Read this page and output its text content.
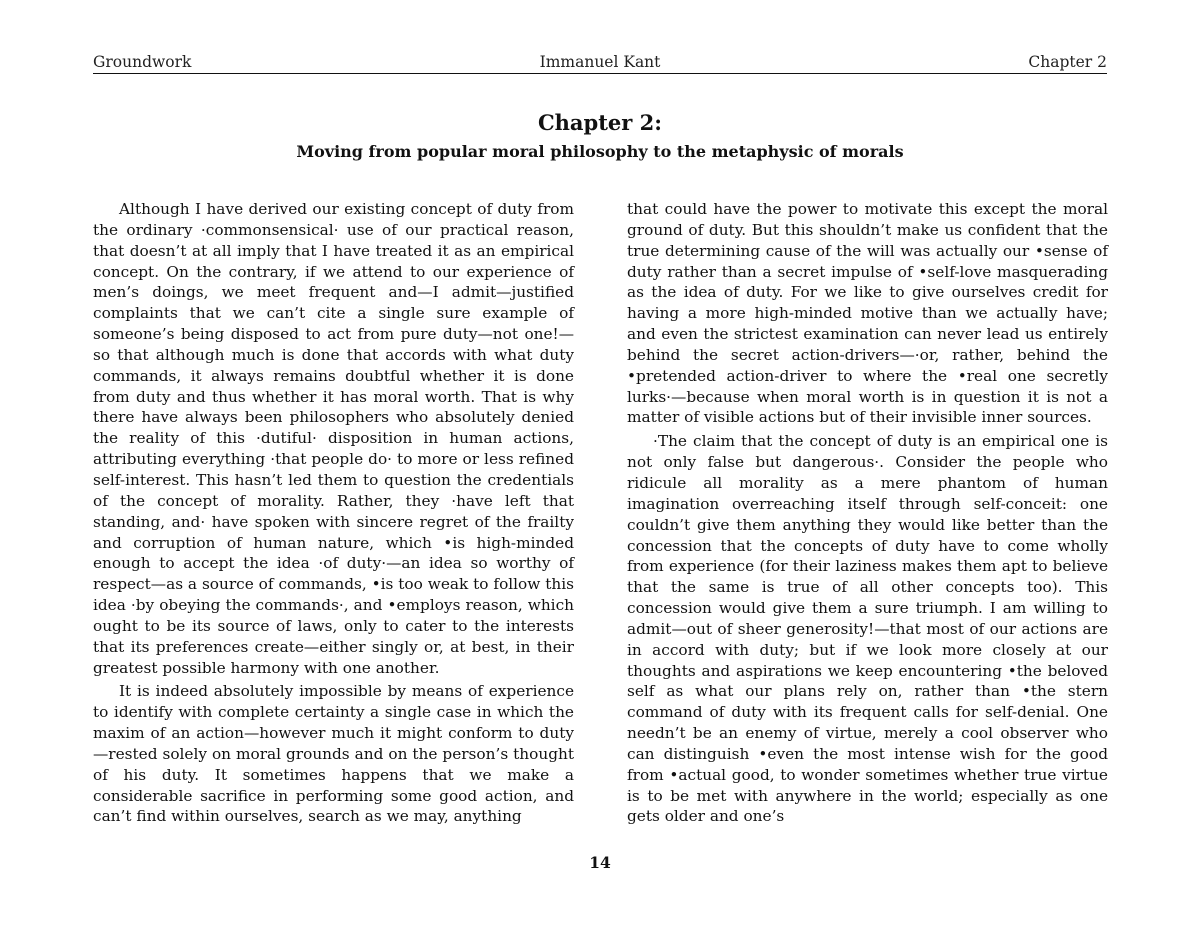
Groundwork	Immanuel Kant	Chapter 2
Chapter 2:
Moving from popular moral philosophy to the metaphysic of morals

Although I have derived our existing concept of duty from the ordinary ·commonsensical· use of our practical reason, that doesn’t at all imply that I have treated it as an empirical concept. On the contrary, if we attend to our experience of men’s doings, we meet frequent and—I admit—justified complaints that we can’t cite a single sure example of someone’s being disposed to act from pure duty—not one!— so that although much is done that accords with what duty commands, it always remains doubtful whether it is done from duty and thus whether it has moral worth. That is why there have always been philosophers who absolutely denied the reality of this ·dutiful· disposition in human actions, attributing everything ·that people do· to more or less refined self-interest. This hasn’t led them to question the credentials of the concept of morality. Rather, they ·have left that standing, and· have spoken with sincere regret of the frailty and corruption of human nature, which •is high-minded enough to accept the idea ·of duty·—an idea so worthy of respect—as a source of commands, •is too weak to follow this idea ·by obeying the commands·, and •employs reason, which ought to be its source of laws, only to cater to the interests that its preferences create—either singly or, at best, in their greatest possible harmony with one another.

It is indeed absolutely impossible by means of experience to identify with complete certainty a single case in which the maxim of an action—however much it might conform to duty—rested solely on moral grounds and on the person’s thought of his duty. It sometimes happens that we make a considerable sacrifice in performing some good action, and can’t find within ourselves, search as we may, anything

that could have the power to motivate this except the moral ground of duty. But this shouldn’t make us confident that the true determining cause of the will was actually our •sense of duty rather than a secret impulse of •self-love masquerading as the idea of duty. For we like to give ourselves credit for having a more high-minded motive than we actually have; and even the strictest examination can never lead us entirely behind the secret action-drivers—·or, rather, behind the •pretended action-driver to where the •real one secretly lurks·—because when moral worth is in question it is not a matter of visible actions but of their invisible inner sources.

·The claim that the concept of duty is an empirical one is not only false but dangerous·. Consider the people who ridicule all morality as a mere phantom of human imagination overreaching itself through self-conceit: one couldn’t give them anything they would like better than the concession that the concepts of duty have to come wholly from experience (for their laziness makes them apt to believe that the same is true of all other concepts too). This concession would give them a sure triumph. I am willing to admit—out of sheer generosity!—that most of our actions are in accord with duty; but if we look more closely at our thoughts and aspirations we keep encountering •the beloved self as what our plans rely on, rather than •the stern command of duty with its frequent calls for self-denial. One needn’t be an enemy of virtue, merely a cool observer who can distinguish •even the most intense wish for the good from •actual good, to wonder sometimes whether true virtue is to be met with anywhere in the world; especially as one gets older and one’s

14
